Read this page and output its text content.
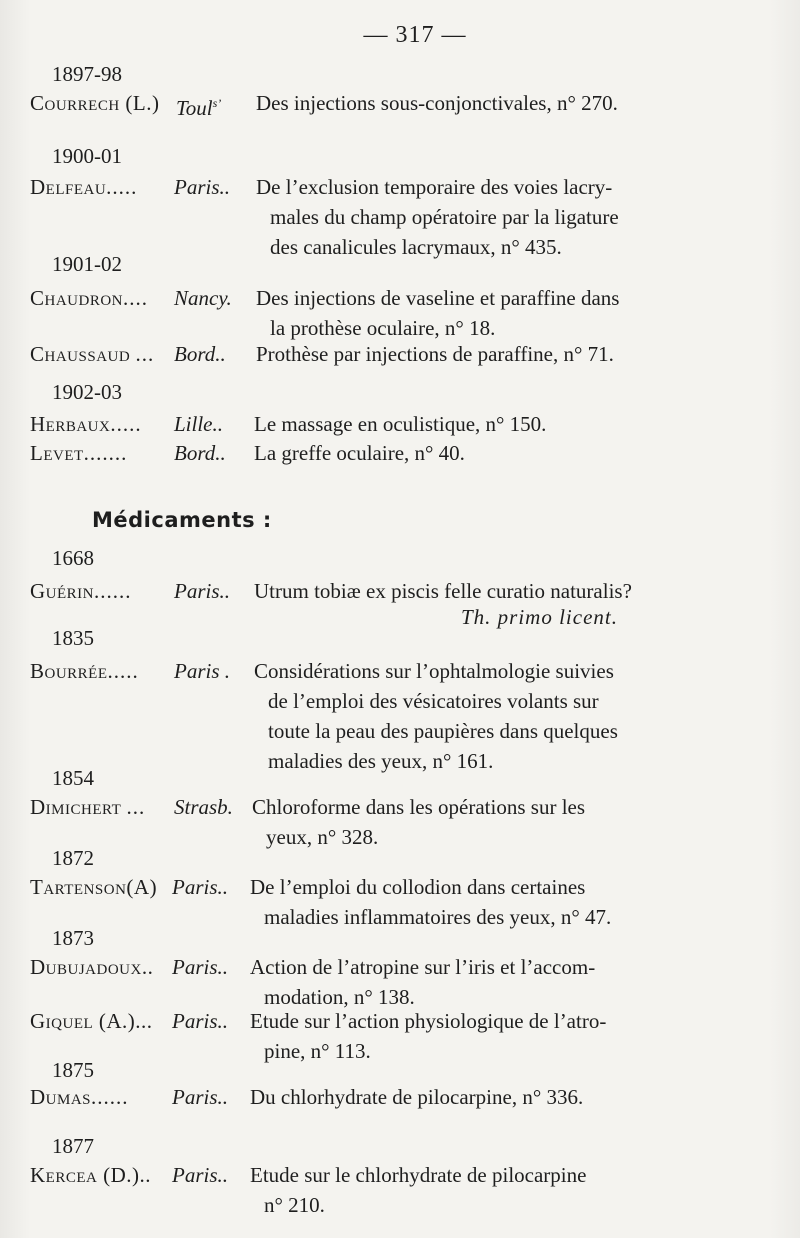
— 317 —
1897-98
Courrech (L.) Toul$^{s’}$ Des injections sous-conjonctivales, n° 270.
1900-01
Delfeau..... Paris.. De l’exclusion temporaire des voies lacry-
males du champ opératoire par la ligature
des canalicules lacrymaux, n° 435.
1901-02
Chaudron.... Nancy. Des injections de vaseline et paraffine dans
la prothèse oculaire, n° 18.
Chaussaud ... Bord.. Prothèse par injections de paraffine, n° 71.
1902-03
Herbaux..... Lille.. Le massage en oculistique, n° 150.
Levet....... Bord.. La greffe oculaire, n° 40.
Médicaments :
1668
Guérin...... Paris.. Utrum tobiæ ex piscis felle curatio naturalis?
Th. primo licent.
1835
Bourrée..... Paris . Considérations sur l’ophtalmologie suivies
de l’emploi des vésicatoires volants sur
toute la peau des paupières dans quelques
maladies des yeux, n° 161.
1854
Dimichert ... Strasb. Chloroforme dans les opérations sur les
yeux, n° 328.
1872
Tartenson(A) Paris.. De l’emploi du collodion dans certaines
maladies inflammatoires des yeux, n° 47.
1873
Dubujadoux.. Paris.. Action de l’atropine sur l’iris et l’accom-
modation, n° 138.
Giquel (A.)... Paris.. Etude sur l’action physiologique de l’atro-
pine, n° 113.
1875
Dumas...... Paris.. Du chlorhydrate de pilocarpine, n° 336.
1877
Kercea (D.).. Paris.. Etude sur le chlorhydrate de pilocarpine
n° 210.
